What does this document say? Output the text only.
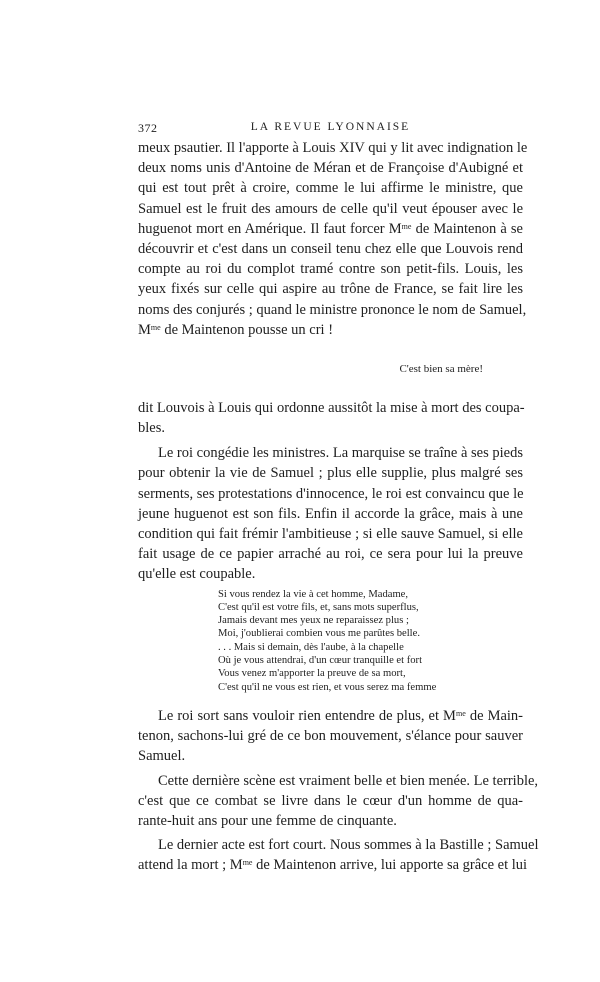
372	LA REVUE LYONNAISE
meux psautier. Il l'apporte à Louis XIV qui y lit avec indignation le
deux noms unis d'Antoine de Méran et de Françoise d'Aubigné et
qui est tout prêt à croire, comme le lui affirme le ministre, que
Samuel est le fruit des amours de celle qu'il veut épouser avec le
huguenot mort en Amérique. Il faut forcer $M^{me}$ de Maintenon à se
découvrir et c'est dans un conseil tenu chez elle que Louvois rend
compte au roi du complot tramé contre son petit-fils. Louis, les
yeux fixés sur celle qui aspire au trône de France, se fait lire les
noms des conjurés ; quand le ministre prononce le nom de Samuel,
$M^{me}$ de Maintenon pousse un cri !
C'est bien sa mère!
dit Louvois à Louis qui ordonne aussitôt la mise à mort des coupa-
bles.
Le roi congédie les ministres. La marquise se traîne à ses pieds
pour obtenir la vie de Samuel ; plus elle supplie, plus malgré ses
serments, ses protestations d'innocence, le roi est convaincu que le
jeune huguenot est son fils. Enfin il accorde la grâce, mais à une
condition qui fait frémir l'ambitieuse ; si elle sauve Samuel, si elle
fait usage de ce papier arraché au roi, ce sera pour lui la preuve
qu'elle est coupable.
Si vous rendez la vie à cet homme, Madame,
C'est qu'il est votre fils, et, sans mots superflus,
Jamais devant mes yeux ne reparaissez plus ;
Moi, j'oublierai combien vous me parûtes belle.
. . . Mais si demain, dès l'aube, à la chapelle
Où je vous attendrai, d'un cœur tranquille et fort
Vous venez m'apporter la preuve de sa mort,
C'est qu'il ne vous est rien, et vous serez ma femme
Le roi sort sans vouloir rien entendre de plus, et $M^{me}$ de Main-
tenon, sachons-lui gré de ce bon mouvement, s'élance pour sauver
Samuel.
Cette dernière scène est vraiment belle et bien menée. Le terrible,
c'est que ce combat se livre dans le cœur d'un homme de qua-
rante-huit ans pour une femme de cinquante.
Le dernier acte est fort court. Nous sommes à la Bastille ; Samuel
attend la mort ; $M^{me}$ de Maintenon arrive, lui apporte sa grâce et lui
